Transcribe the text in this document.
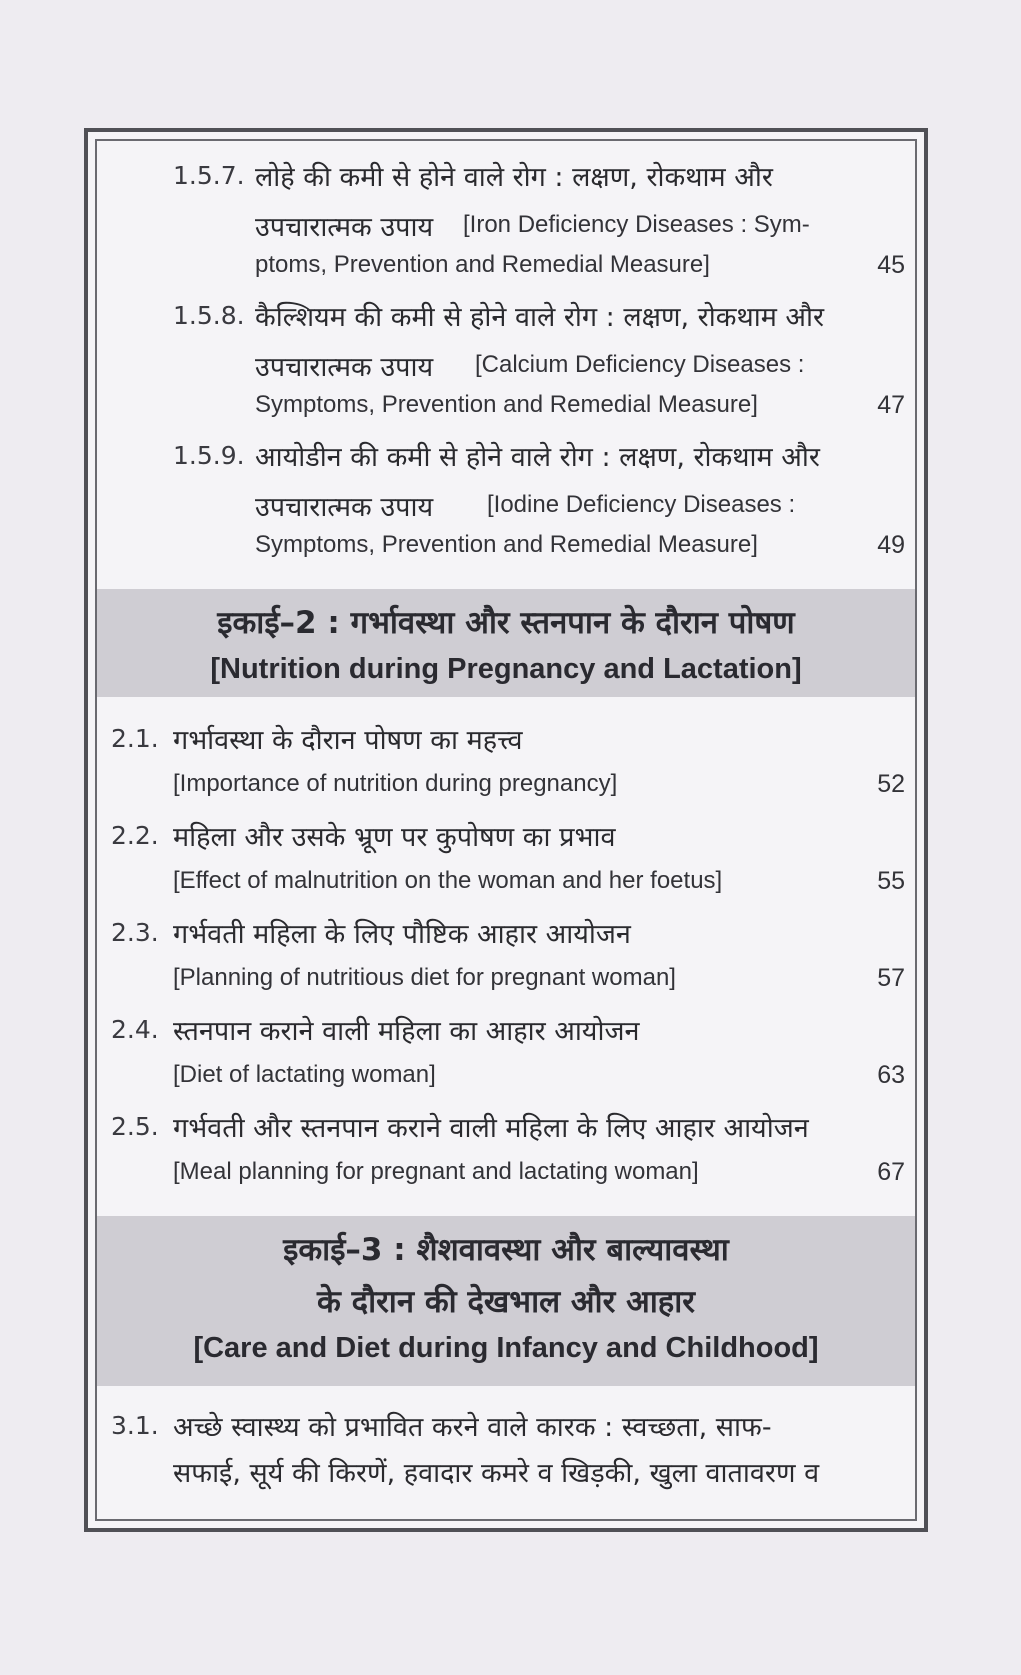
1.5.7. लोहे की कमी से होने वाले रोग : लक्षण, रोकथाम और
उपचारात्मक उपाय [Iron Deficiency Diseases : Sym-
ptoms, Prevention and Remedial Measure]	45
1.5.8. कैल्शियम की कमी से होने वाले रोग : लक्षण, रोकथाम और
उपचारात्मक उपाय [Calcium Deficiency Diseases :
Symptoms, Prevention and Remedial Measure]	47
1.5.9. आयोडीन की कमी से होने वाले रोग : लक्षण, रोकथाम और
उपचारात्मक उपाय [Iodine Deficiency Diseases :
Symptoms, Prevention and Remedial Measure]	49
इकाई–2 : गर्भावस्था और स्तनपान के दौरान पोषण
[Nutrition during Pregnancy and Lactation]
2.1. गर्भावस्था के दौरान पोषण का महत्त्व
[Importance of nutrition during pregnancy]	52
2.2. महिला और उसके भ्रूण पर कुपोषण का प्रभाव
[Effect of malnutrition on the woman and her foetus]	55
2.3. गर्भवती महिला के लिए पौष्टिक आहार आयोजन
[Planning of nutritious diet for pregnant woman]	57
2.4. स्तनपान कराने वाली महिला का आहार आयोजन
[Diet of lactating woman]	63
2.5. गर्भवती और स्तनपान कराने वाली महिला के लिए आहार आयोजन
[Meal planning for pregnant and lactating woman]	67
इकाई–3 : शैशवावस्था और बाल्यावस्था
के दौरान की देखभाल और आहार
[Care and Diet during Infancy and Childhood]
3.1. अच्छे स्वास्थ्य को प्रभावित करने वाले कारक : स्वच्छता, साफ-
सफाई, सूर्य की किरणें, हवादार कमरे व खिड़की, खुला वातावरण व
